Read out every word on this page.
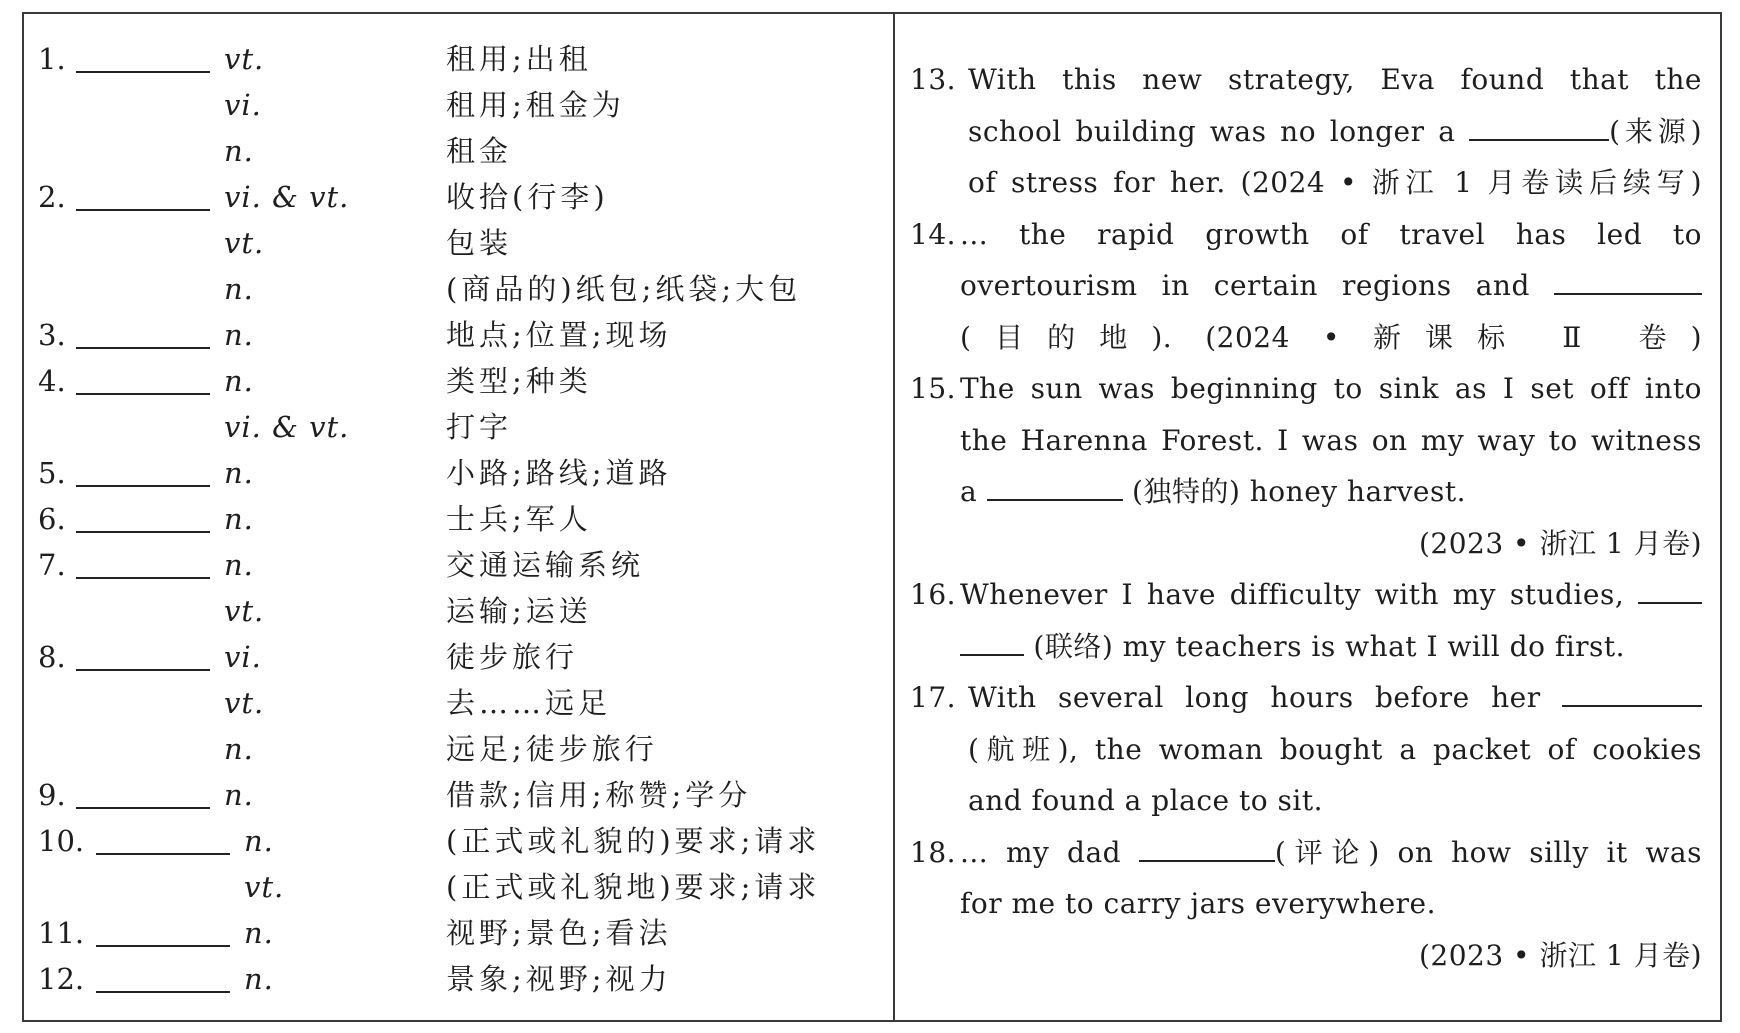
1.	vt.	租用;出租
vi.	租用;租金为
n.	租金
2.	vi. & vt.	收拾(行李)
vt.	包装
n.	(商品的)纸包;纸袋;大包
3.	n.	地点;位置;现场
4.	n.	类型;种类
vi. & vt.	打字
5.	n.	小路;路线;道路
6.	n.	士兵;军人
7.	n.	交通运输系统
vt.	运输;运送
8.	vi.	徒步旅行
vt.	去……远足
n.	远足;徒步旅行
9.	n.	借款;信用;称赞;学分
10.	n.	(正式或礼貌的)要求;请求
vt.	(正式或礼貌地)要求;请求
11.	n.	视野;景色;看法
12.	n.	景象;视野;视力
13. With this new strategy, Eva found that the
school building was no longer a	(来源)
of stress for her. (2024 • 浙江 1 月卷读后续写)
14. ... the rapid growth of travel has led to
overtourism in certain regions and
(目的地). (2024 • 新课标 Ⅱ 卷)
15. The sun was beginning to sink as I set off into
the Harenna Forest. I was on my way to witness
a	(独特的) honey harvest.
(2023 • 浙江 1 月卷)
16. Whenever I have difficulty with my studies,
(联络) my teachers is what I will do first.
17. With several long hours before her
(航班), the woman bought a packet of cookies
and found a place to sit.
18. ... my dad	(评论) on how silly it was
for me to carry jars everywhere.
(2023 • 浙江 1 月卷)
